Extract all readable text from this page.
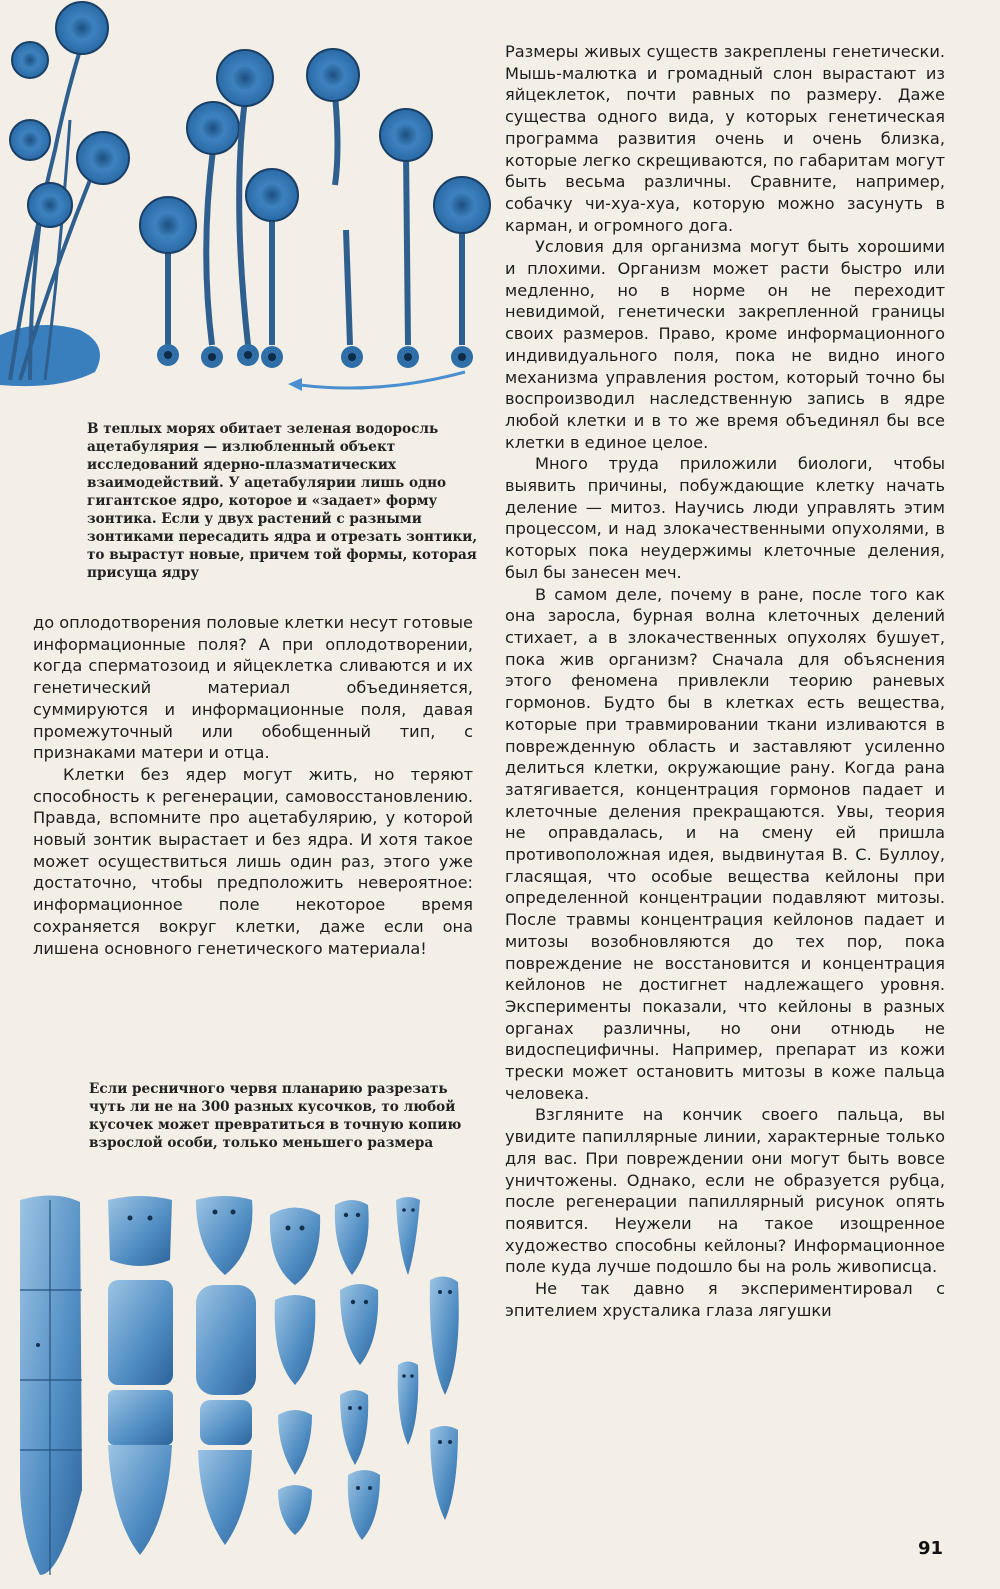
В теплых морях обитает зеленая водоросль ацетабулярия — излюбленный объект исследований ядерно-плазматических взаимодействий. У ацетабулярии лишь одно гигантское ядро, которое и «задает» форму зонтика. Если у двух растений с разными зонтиками пересадить ядра и отрезать зонтики, то вырастут новые, причем той формы, которая присуща ядру

до оплодотворения половые клетки несут готовые информационные поля? А при оплодотворении, когда сперматозоид и яйцеклетка сливаются и их генетический материал объединяется, суммируются и информационные поля, давая промежуточный или обобщенный тип, с признаками матери и отца.

Клетки без ядер могут жить, но теряют способность к регенерации, самовосстановлению. Правда, вспомните про ацетабулярию, у которой новый зонтик вырастает и без ядра. И хотя такое может осуществиться лишь один раз, этого уже достаточно, чтобы предположить невероятное: информационное поле некоторое время сохраняется вокруг клетки, даже если она лишена основного генетического материала!

Если ресничного червя планарию разрезать чуть ли не на 300 разных кусочков, то любой кусочек может превратиться в точную копию взрослой особи, только меньшего размера

Размеры живых существ закреплены генетически. Мышь-малютка и громадный слон вырастают из яйцеклеток, почти равных по размеру. Даже существа одного вида, у которых генетическая программа развития очень и очень близка, которые легко скрещиваются, по габаритам могут быть весьма различны. Сравните, например, собачку чи-хуа-хуа, которую можно засунуть в карман, и огромного дога.

Условия для организма могут быть хорошими и плохими. Организм может расти быстро или медленно, но в норме он не переходит невидимой, генетически закрепленной границы своих размеров. Право, кроме информационного индивидуального поля, пока не видно иного механизма управления ростом, который точно бы воспроизводил наследственную запись в ядре любой клетки и в то же время объединял бы все клетки в единое целое.

Много труда приложили биологи, чтобы выявить причины, побуждающие клетку начать деление — митоз. Научись люди управлять этим процессом, и над злокачественными опухолями, в которых пока неудержимы клеточные деления, был бы занесен меч.

В самом деле, почему в ране, после того как она заросла, бурная волна клеточных делений стихает, а в злокачественных опухолях бушует, пока жив организм? Сначала для объяснения этого феномена привлекли теорию раневых гормонов. Будто бы в клетках есть вещества, которые при травмировании ткани изливаются в поврежденную область и заставляют усиленно делиться клетки, окружающие рану. Когда рана затягивается, концентрация гормонов падает и клеточные деления прекращаются. Увы, теория не оправдалась, и на смену ей пришла противоположная идея, выдвинутая В. С. Буллоу, гласящая, что особые вещества кейлоны при определенной концентрации подавляют митозы. После травмы концентрация кейлонов падает и митозы возобновляются до тех пор, пока повреждение не восстановится и концентрация кейлонов не достигнет надлежащего уровня. Эксперименты показали, что кейлоны в разных органах различны, но они отнюдь не видоспецифичны. Например, препарат из кожи трески может остановить митозы в коже пальца человека.

Взгляните на кончик своего пальца, вы увидите папиллярные линии, характерные только для вас. При повреждении они могут быть вовсе уничтожены. Однако, если не образуется рубца, после регенерации папиллярный рисунок опять появится. Неужели на такое изощренное художество способны кейлоны? Информационное поле куда лучше подошло бы на роль живописца.

Не так давно я экспериментировал с эпителием хрусталика глаза лягушки

91
